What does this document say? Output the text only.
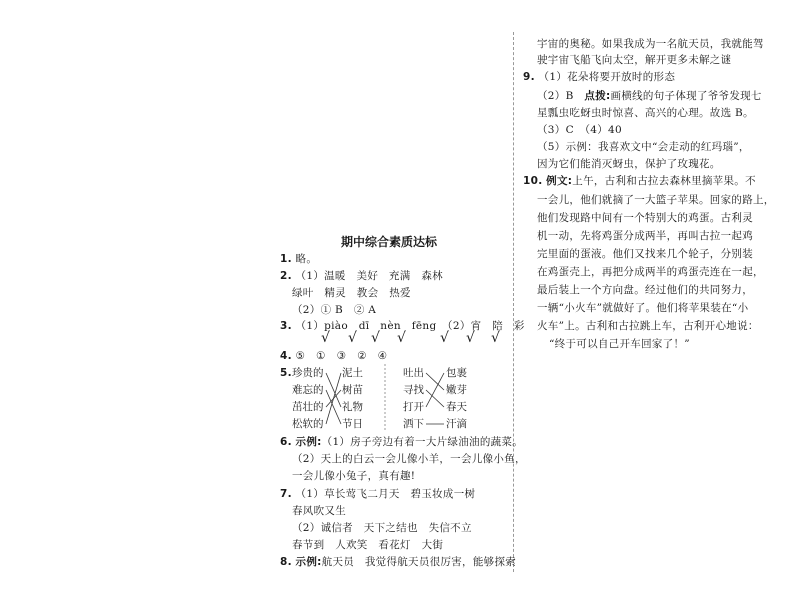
宇宙的奥秘。如果我成为一名航天员，我就能驾
驶宇宙飞船飞向太空，解开更多未解之谜
9. （1）花朵将要开放时的形态
（2）B　点拨:画横线的句子体现了爷爷发现七
星瓢虫吃蚜虫时惊喜、高兴的心理。故选 B。
（3）C　（4）40
（5）示例：我喜欢文中“会走动的红玛瑙”，
因为它们能消灭蚜虫，保护了玫瑰花。
10. 例文:上午，古利和古拉去森林里摘苹果。不
一会儿，他们就摘了一大篮子苹果。回家的路上，
他们发现路中间有一个特别大的鸡蛋。古利灵
机一动，先将鸡蛋分成两半，再叫古拉一起鸡
完里面的蛋液。他们又找来几个轮子，分别装
在鸡蛋壳上，再把分成两半的鸡蛋壳连在一起，
最后装上一个方向盘。经过他们的共同努力，
一辆“小火车”就做好了。他们将苹果装在“小
火车”上。古利和古拉跳上车，古利开心地说：
“终于可以自己开车回家了！”
期中综合素质达标
1. 略。
2. （1）温暖　美好　充满　森林
绿叶　精灵　教会　热爱
（2）① B　② A
3. （1）piào　dī　nèn　fēng　（2）宵　陪　彩
√ √ √ √ √ √ √
4. ⑤　①　③　②　④
5. 珍贵的
难忘的
茁壮的
松软的
泥土
树苗
礼物
节日
吐出
寻找
打开
洒下
包裹
嫩芽
春天
汗滴
6. 示例:（1）房子旁边有着一大片绿油油的蔬菜。
（2）天上的白云一会儿像小羊，一会儿像小鱼，
一会儿像小兔子，真有趣!
7. （1）草长莺飞二月天　碧玉妆成一树
春风吹又生
（2）诚信者　天下之结也　失信不立
春节到　人欢笑　看花灯　大街
8. 示例:航天员　我觉得航天员很厉害，能够探索
